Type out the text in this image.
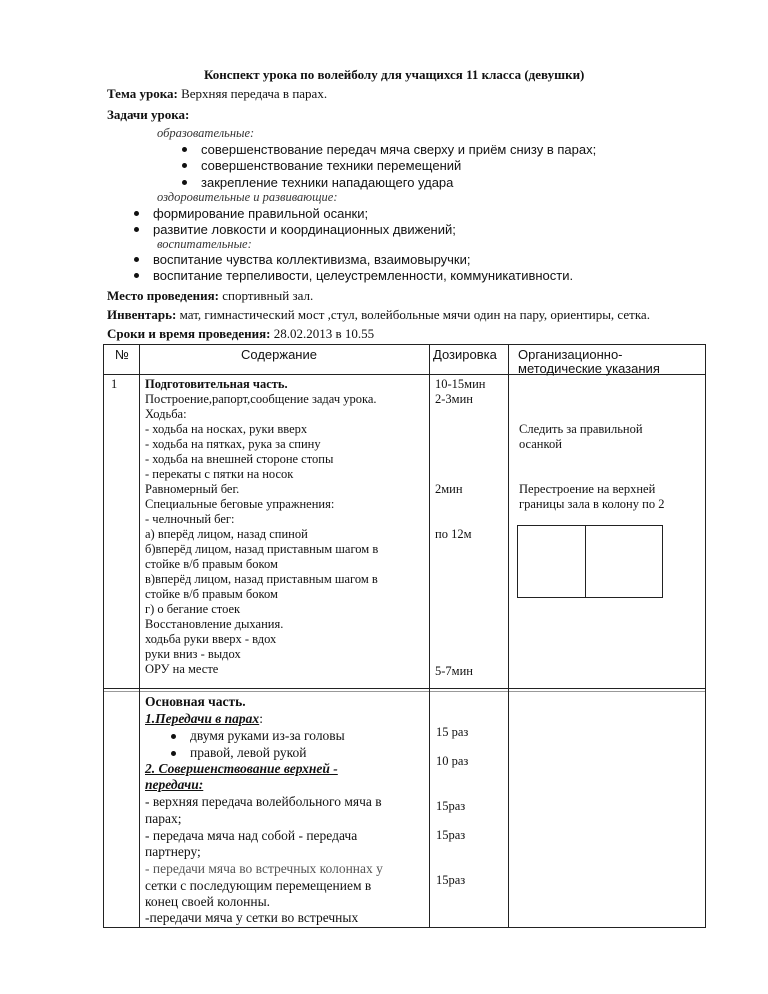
Конспект урока по волейболу для учащихся 11 класса (девушки)
Тема урока: Верхняя передача в парах.
Задачи урока:
образовательные:
совершенствование передач мяча сверху и приём снизу в парах;
совершенствование техники перемещений
закрепление техники нападающего удара
оздоровительные и развивающие:
формирование правильной осанки;
развитие ловкости и координационных движений;
воспитательные:
воспитание чувства коллективизма, взаимовыручки;
воспитание терпеливости, целеустремленности, коммуникативности.
Место проведения: спортивный зал.
Инвентарь: мат, гимнастический мост ,стул, волейбольные мячи один на пару, ориентиры, сетка.
Сроки и время проведения: 28.02.2013 в 10.55
№	Содержание	Дозировка Организационно-
методические указания
1 Подготовительная часть.
Построение,рапорт,сообщение задач урока.
Ходьба:
- ходьба на носках, руки вверх
- ходьба на пятках, рука за спину
- ходьба на внешней стороне стопы
- перекаты с пятки на носок
Равномерный бег.
Специальные беговые упражнения:
- челночный бег:
а) вперёд лицом, назад спиной
б)вперёд лицом, назад приставным шагом в
стойке в/б правым боком
в)вперёд лицом, назад приставным шагом в
стойке в/б правым боком
г) о бегание стоек
Восстановление дыхания.
ходьба руки вверх - вдох
руки вниз - выдох
ОРУ на месте
10-15мин
2-3мин
2мин
по 12м
5-7мин
Следить за правильной
осанкой
Перестроение на верхней
границы зала в колону по 2
Основная часть.
1.Передачи в парах:
двумя руками из-за головы
правой, левой рукой
2. Совершенствование верхней -
передачи:
- верхняя передача волейбольного мяча в
парах;
- передача мяча над собой - передача
партнеру;
- передачи мяча во встречных колоннах у
сетки с последующим перемещением в
конец своей колонны.
-передачи мяча у сетки во встречных
15 раз
10 раз
15раз
15раз
15раз
